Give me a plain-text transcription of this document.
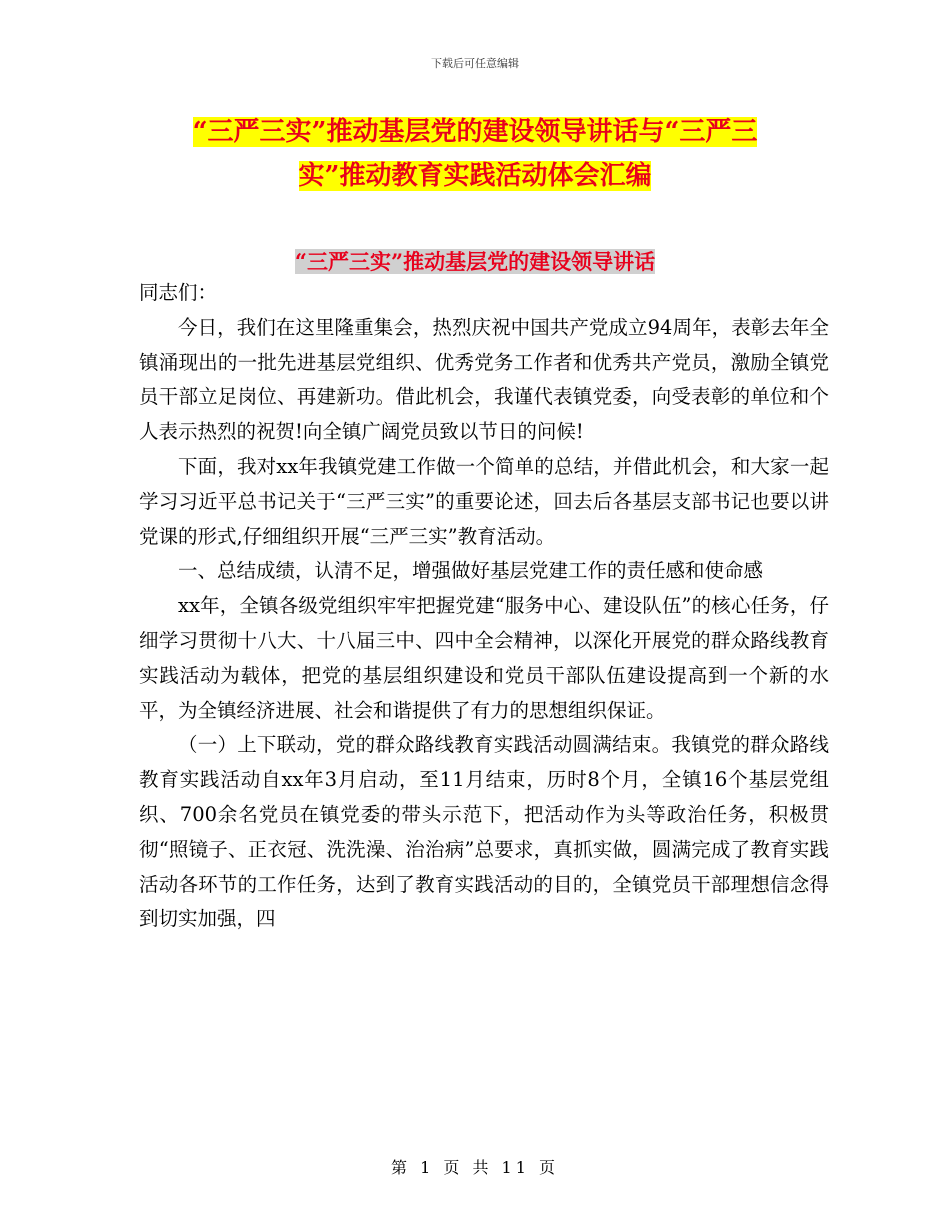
下载后可任意编辑
“三严三实”推动基层党的建设领导讲话与“三严三
实”推动教育实践活动体会汇编
“三严三实”推动基层党的建设领导讲话

同志们：

今日，我们在这里隆重集会，热烈庆祝中国共产党成立94周年，表彰去年全镇涌现出的一批先进基层党组织、优秀党务工作者和优秀共产党员，激励全镇党员干部立足岗位、再建新功。借此机会，我谨代表镇党委，向受表彰的单位和个人表示热烈的祝贺!向全镇广阔党员致以节日的问候!

下面，我对xx年我镇党建工作做一个简单的总结，并借此机会，和大家一起学习习近平总书记关于“三严三实”的重要论述，回去后各基层支部书记也要以讲党课的形式,仔细组织开展“三严三实”教育活动。

一、总结成绩，认清不足，增强做好基层党建工作的责任感和使命感

xx年，全镇各级党组织牢牢把握党建“服务中心、建设队伍”的核心任务，仔细学习贯彻十八大、十八届三中、四中全会精神，以深化开展党的群众路线教育实践活动为载体，把党的基层组织建设和党员干部队伍建设提高到一个新的水平，为全镇经济进展、社会和谐提供了有力的思想组织保证。

（一）上下联动，党的群众路线教育实践活动圆满结束。我镇党的群众路线教育实践活动自xx年3月启动，至11月结束，历时8个月，全镇16个基层党组织、700余名党员在镇党委的带头示范下，把活动作为头等政治任务，积极贯彻“照镜子、正衣冠、洗洗澡、治治病”总要求，真抓实做，圆满完成了教育实践活动各环节的工作任务，达到了教育实践活动的目的，全镇党员干部理想信念得到切实加强，四

第 1 页 共 11 页
